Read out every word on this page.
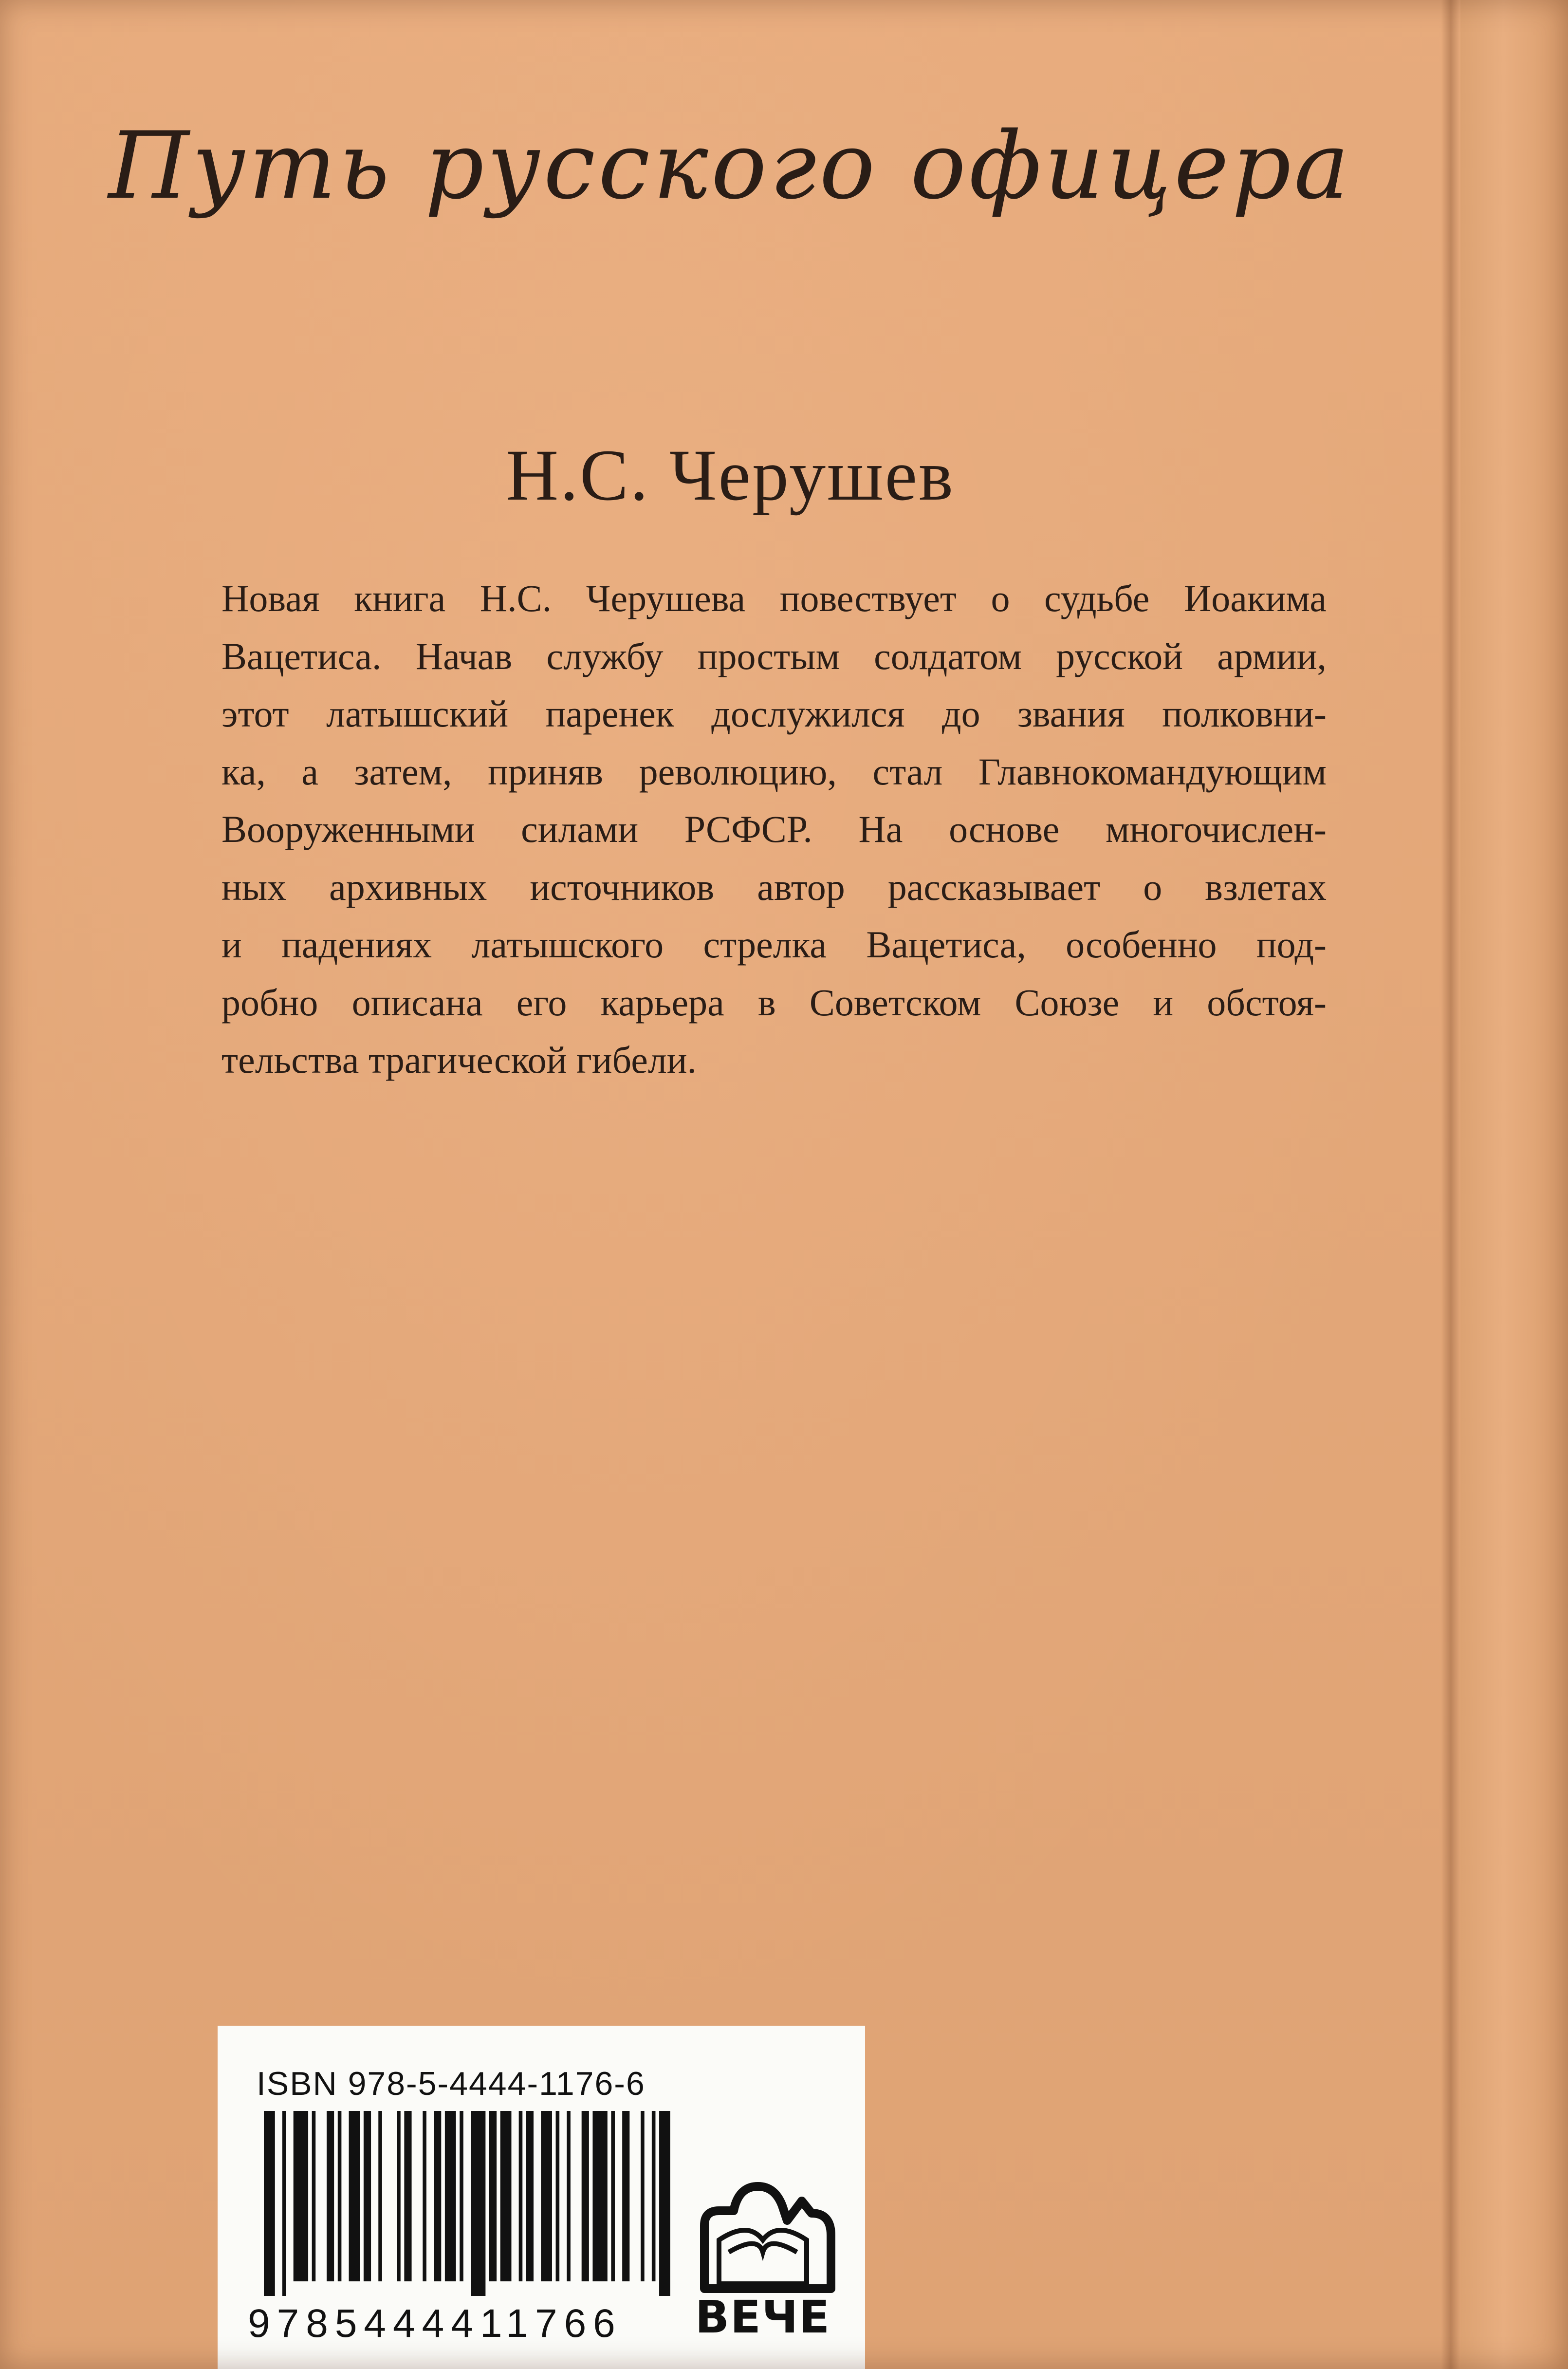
Путь русского офицера
Н.С. Черушев
Новая книга Н.С. Черушева повествует о судьбе Иоакима
Вацетиса. Начав службу простым солдатом русской армии,
этот латышский паренек дослужился до звания полковни-
ка, а затем, приняв революцию, стал Главнокомандующим
Вооруженными силами РСФСР. На основе многочислен-
ных архивных источников автор рассказывает о взлетах
и падениях латышского стрелка Вацетиса, особенно под-
робно описана его карьера в Советском Союзе и обстоя-
тельства трагической гибели.
ISBN 978-5-4444-1176-6
9785444411766	ВЕЧЕ
